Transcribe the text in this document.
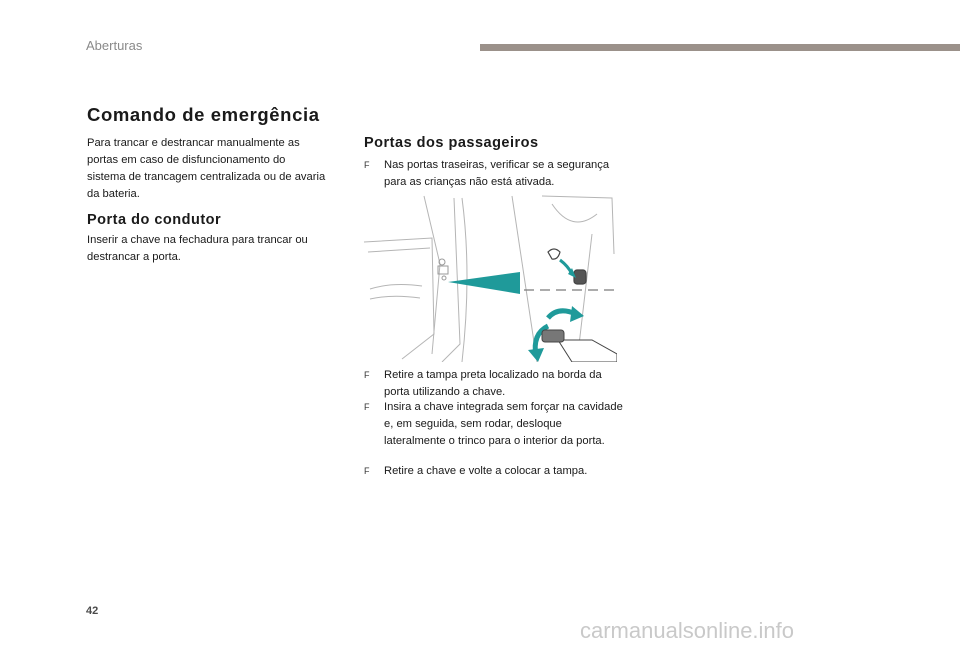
Aberturas
Comando de emergência
Para trancar e destrancar manualmente as portas em caso de disfuncionamento do sistema de trancagem centralizada ou de avaria da bateria.
Porta do condutor
Inserir a chave na fechadura para trancar ou destrancar a porta.
Portas dos passageiros
F Nas portas traseiras, verificar se a segurança para as crianças não está ativada.
F Retire a tampa preta localizado na borda da porta utilizando a chave.
F Insira a chave integrada sem forçar na cavidade e, em seguida, sem rodar, desloque lateralmente o trinco para o interior da porta.
F Retire a chave e volte a colocar a tampa.
42
carmanualsonline.info
